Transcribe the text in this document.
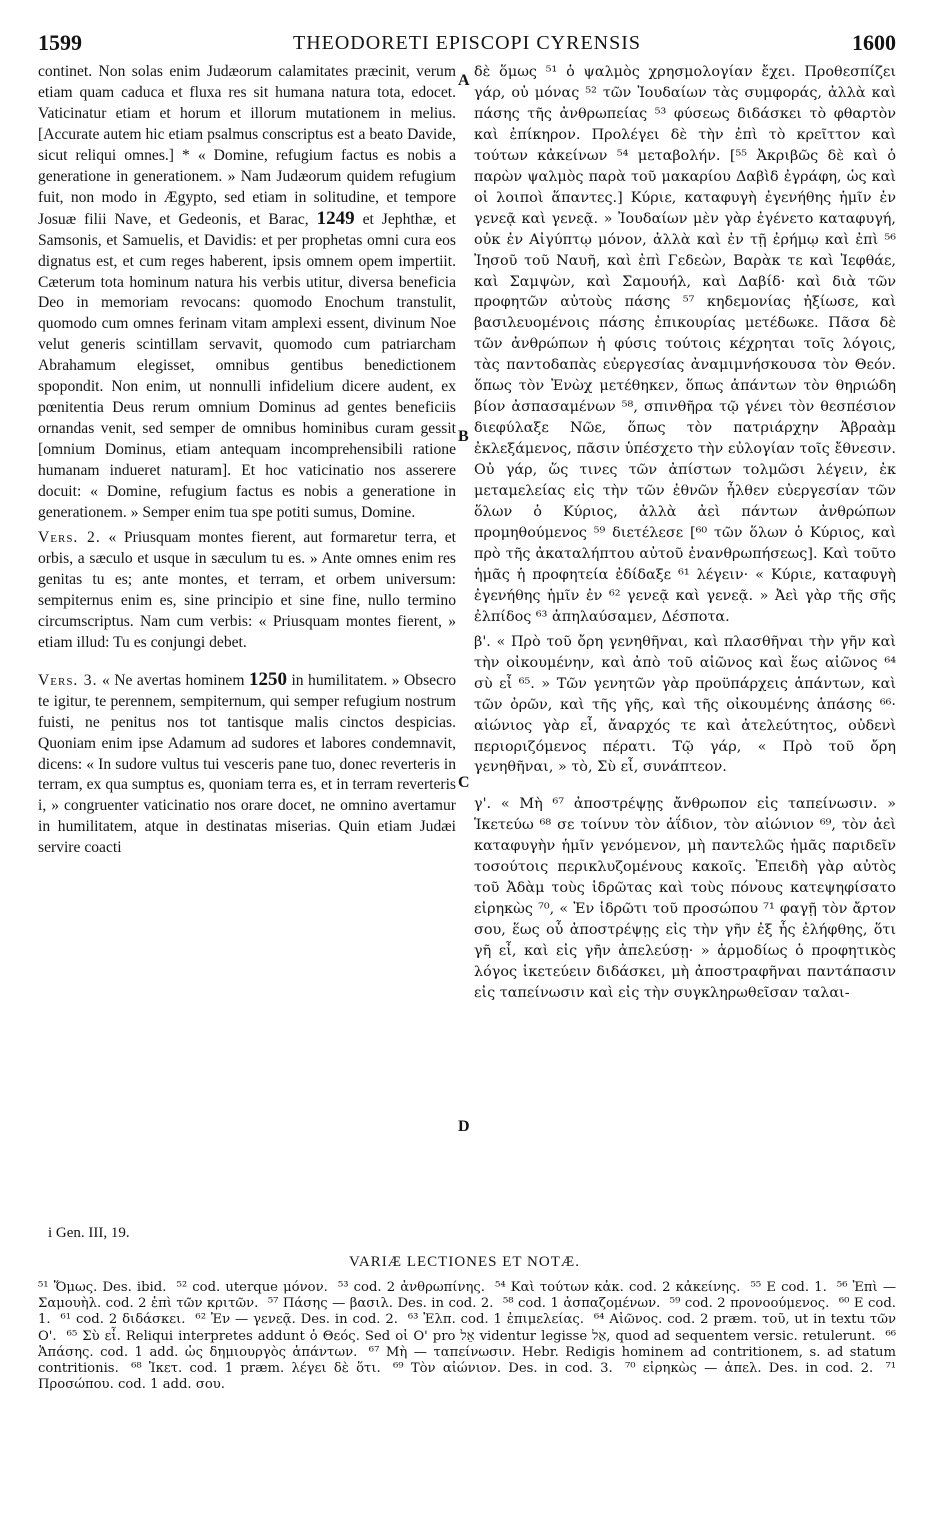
1599	THEODORETI EPISCOPI CYRENSIS	1600

continet. Non solas enim Judæorum calamitates præcinit, verum etiam quam caduca et fluxa res sit humana natura tota, edocet. Vaticinatur etiam et horum et illorum mutationem in melius. [Accurate autem hic etiam psalmus conscriptus est a beato Davide, sicut reliqui omnes.] * « Domine, refugium factus es nobis a generatione in generationem. » Nam Judæorum quidem refugium fuit, non modo in Ægypto, sed etiam in solitudine, et tempore Josuæ filii Nave, et Gedeonis, et Barac, 1249 et Jephthæ, et Samsonis, et Samuelis, et Davidis: et per prophetas omni cura eos dignatus est, et cum reges haberent, ipsis omnem opem impertiit. Cæterum tota hominum natura his verbis utitur, diversa beneficia Deo in memoriam revocans: quomodo Enochum transtulit, quomodo cum omnes ferinam vitam amplexi essent, divinum Noe velut generis scintillam servavit, quomodo cum patriarcham Abrahamum elegisset, omnibus gentibus benedictionem spopondit. Non enim, ut nonnulli infidelium dicere audent, ex pœnitentia Deus rerum omnium Dominus ad gentes beneficiis ornandas venit, sed semper de omnibus hominibus curam gessit [omnium Dominus, etiam antequam incomprehensibili ratione humanam indueret naturam]. Et hoc vaticinatio nos asserere docuit: « Domine, refugium factus es nobis a generatione in generationem. » Semper enim tua spe potiti sumus, Domine.

Vers. 2. « Priusquam montes fierent, aut formaretur terra, et orbis, a sæculo et usque in sæculum tu es. » Ante omnes enim res genitas tu es; ante montes, et terram, et orbem universum: sempiternus enim es, sine principio et sine fine, nullo termino circumscriptus. Nam cum verbis: « Priusquam montes fierent, » etiam illud: Tu es conjungi debet.

Vers. 3. « Ne avertas hominem 1250 in humilitatem. » Obsecro te igitur, te perennem, sempiternum, qui semper refugium nostrum fuisti, ne penitus nos tot tantisque malis cinctos despicias. Quoniam enim ipse Adamum ad sudores et labores condemnavit, dicens: « In sudore vultus tui vesceris pane tuo, donec reverteris in terram, ex qua sumptus es, quoniam terra es, et in terram reverteris i, » congruenter vaticinatio nos orare docet, ne omnino avertamur in humilitatem, atque in destinatas miserias. Quin etiam Judæi servire coacti

A
B
C
D

δὲ ὅμως ⁵¹ ὁ ψαλμὸς χρησμολογίαν ἔχει. Προθεσπίζει γάρ, οὐ μόνας ⁵² τῶν Ἰουδαίων τὰς συμφοράς, ἀλλὰ καὶ πάσης τῆς ἀνθρωπείας ⁵³ φύσεως διδάσκει τὸ φθαρτὸν καὶ ἐπίκηρον. Προλέγει δὲ τὴν ἐπὶ τὸ κρεῖττον καὶ τούτων κἀκείνων ⁵⁴ μεταβολήν. [⁵⁵ Ἀκριβῶς δὲ καὶ ὁ παρὼν ψαλμὸς παρὰ τοῦ μακαρίου Δαβὶδ ἐγράφη, ὡς καὶ οἱ λοιποὶ ἅπαντες.] Κύριε, καταφυγὴ ἐγενήθης ἡμῖν ἐν γενεᾷ καὶ γενεᾷ. » Ἰουδαίων μὲν γὰρ ἐγένετο καταφυγή, οὐκ ἐν Αἰγύπτῳ μόνον, ἀλλὰ καὶ ἐν τῇ ἐρήμῳ καὶ ἐπὶ ⁵⁶ Ἰησοῦ τοῦ Ναυῆ, καὶ ἐπὶ Γεδεὼν, Βαρὰκ τε καὶ Ἰεφθάε, καὶ Σαμψὼν, καὶ Σαμουήλ, καὶ Δαβίδ· καὶ διὰ τῶν προφητῶν αὐτοὺς πάσης ⁵⁷ κηδεμονίας ἠξίωσε, καὶ βασιλευομένοις πάσης ἐπικουρίας μετέδωκε. Πᾶσα δὲ τῶν ἀνθρώπων ἡ φύσις τούτοις κέχρηται τοῖς λόγοις, τὰς παντοδαπὰς εὐεργεσίας ἀναμιμνήσκουσα τὸν Θεόν. ὅπως τὸν Ἐνὼχ μετέθηκεν, ὅπως ἁπάντων τὸν θηριώδη βίον ἀσπασαμένων ⁵⁸, σπινθῆρα τῷ γένει τὸν θεσπέσιον διεφύλαξε Νῶε, ὅπως τὸν πατριάρχην Ἀβραὰμ ἐκλεξάμενος, πᾶσιν ὑπέσχετο τὴν εὐλογίαν τοῖς ἔθνεσιν. Οὐ γάρ, ὥς τινες τῶν ἀπίστων τολμῶσι λέγειν, ἐκ μεταμελείας εἰς τὴν τῶν ἐθνῶν ἦλθεν εὐεργεσίαν τῶν ὅλων ὁ Κύριος, ἀλλὰ ἀεὶ πάντων ἀνθρώπων προμηθούμενος ⁵⁹ διετέλεσε [⁶⁰ τῶν ὅλων ὁ Κύριος, καὶ πρὸ τῆς ἀκαταλήπτου αὐτοῦ ἐνανθρωπήσεως]. Καὶ τοῦτο ἡμᾶς ἡ προφητεία ἐδίδαξε ⁶¹ λέγειν· « Κύριε, καταφυγὴ ἐγενήθης ἡμῖν ἐν ⁶² γενεᾷ καὶ γενεᾷ. » Ἀεὶ γὰρ τῆς σῆς ἐλπίδος ⁶³ ἀπηλαύσαμεν, Δέσποτα.

β'. « Πρὸ τοῦ ὄρη γενηθῆναι, καὶ πλασθῆναι τὴν γῆν καὶ τὴν οἰκουμένην, καὶ ἀπὸ τοῦ αἰῶνος καὶ ἕως αἰῶνος ⁶⁴ σὺ εἶ ⁶⁵. » Τῶν γενητῶν γὰρ προϋπάρχεις ἁπάντων, καὶ τῶν ὀρῶν, καὶ τῆς γῆς, καὶ τῆς οἰκουμένης ἁπάσης ⁶⁶· αἰώνιος γὰρ εἶ, ἄναρχός τε καὶ ἀτελεύτητος, οὐδενὶ περιοριζόμενος πέρατι. Τῷ γάρ, « Πρὸ τοῦ ὄρη γενηθῆναι, » τὸ, Σὺ εἶ, συνάπτεον.

γ'. « Μὴ ⁶⁷ ἀποστρέψῃς ἄνθρωπον εἰς ταπείνωσιν. » Ἱκετεύω ⁶⁸ σε τοίνυν τὸν ἀΐδιον, τὸν αἰώνιον ⁶⁹, τὸν ἀεὶ καταφυγὴν ἡμῖν γενόμενον, μὴ παντελῶς ἡμᾶς παριδεῖν τοσούτοις περικλυζομένους κακοῖς. Ἐπειδὴ γὰρ αὐτὸς τοῦ Ἀδὰμ τοὺς ἱδρῶτας καὶ τοὺς πόνους κατεψηφίσατο εἰρηκὼς ⁷⁰, « Ἐν ἱδρῶτι τοῦ προσώπου ⁷¹ φαγῇ τὸν ἄρτον σου, ἕως οὗ ἀποστρέψῃς εἰς τὴν γῆν ἐξ ἧς ἐλήφθης, ὅτι γῆ εἶ, καὶ εἰς γῆν ἀπελεύσῃ· » ἁρμοδίως ὁ προφητικὸς λόγος ἱκετεύειν διδάσκει, μὴ ἀποστραφῆναι παντάπασιν εἰς ταπείνωσιν καὶ εἰς τὴν συγκληρωθεῖσαν ταλαι-

i Gen. III, 19.
VARIÆ LECTIONES ET NOTÆ.
⁵¹ Ὅμως. Des. ibid. ⁵² cod. uterque μόνον. ⁵³ cod. 2 ἀνθρωπίνης. ⁵⁴ Καὶ τούτων κἀκ. cod. 2 κἀκείνης. ⁵⁵ E cod. 1. ⁵⁶ Ἐπὶ — Σαμουὴλ. cod. 2 ἐπὶ τῶν κριτῶν. ⁵⁷ Πάσης — βασιλ. Des. in cod. 2. ⁵⁸ cod. 1 ἀσπαζομένων. ⁵⁹ cod. 2 προνοούμενος. ⁶⁰ E cod. 1. ⁶¹ cod. 2 διδάσκει. ⁶² Ἐν — γενεᾷ. Des. in cod. 2. ⁶³ Ἐλπ. cod. 1 ἐπιμελείας. ⁶⁴ Αἰῶνος. cod. 2 præm. τοῦ, ut in textu τῶν Ο'. ⁶⁵ Σὺ εἶ. Reliqui interpretes addunt ὁ Θεός. Sed οἱ Ο' pro אֵל videntur legisse אַל, quod ad sequentem versic. retulerunt. ⁶⁶ Ἁπάσης. cod. 1 add. ὡς δημιουργὸς ἁπάντων. ⁶⁷ Μὴ — ταπείνωσιν. Hebr. Redigis hominem ad contritionem, s. ad statum contritionis. ⁶⁸ Ἱκετ. cod. 1 præm. λέγει δὲ ὅτι. ⁶⁹ Τὸν αἰώνιον. Des. in cod. 3. ⁷⁰ εἰρηκὼς — ἀπελ. Des. in cod. 2. ⁷¹ Προσώπου. cod. 1 add. σου.
